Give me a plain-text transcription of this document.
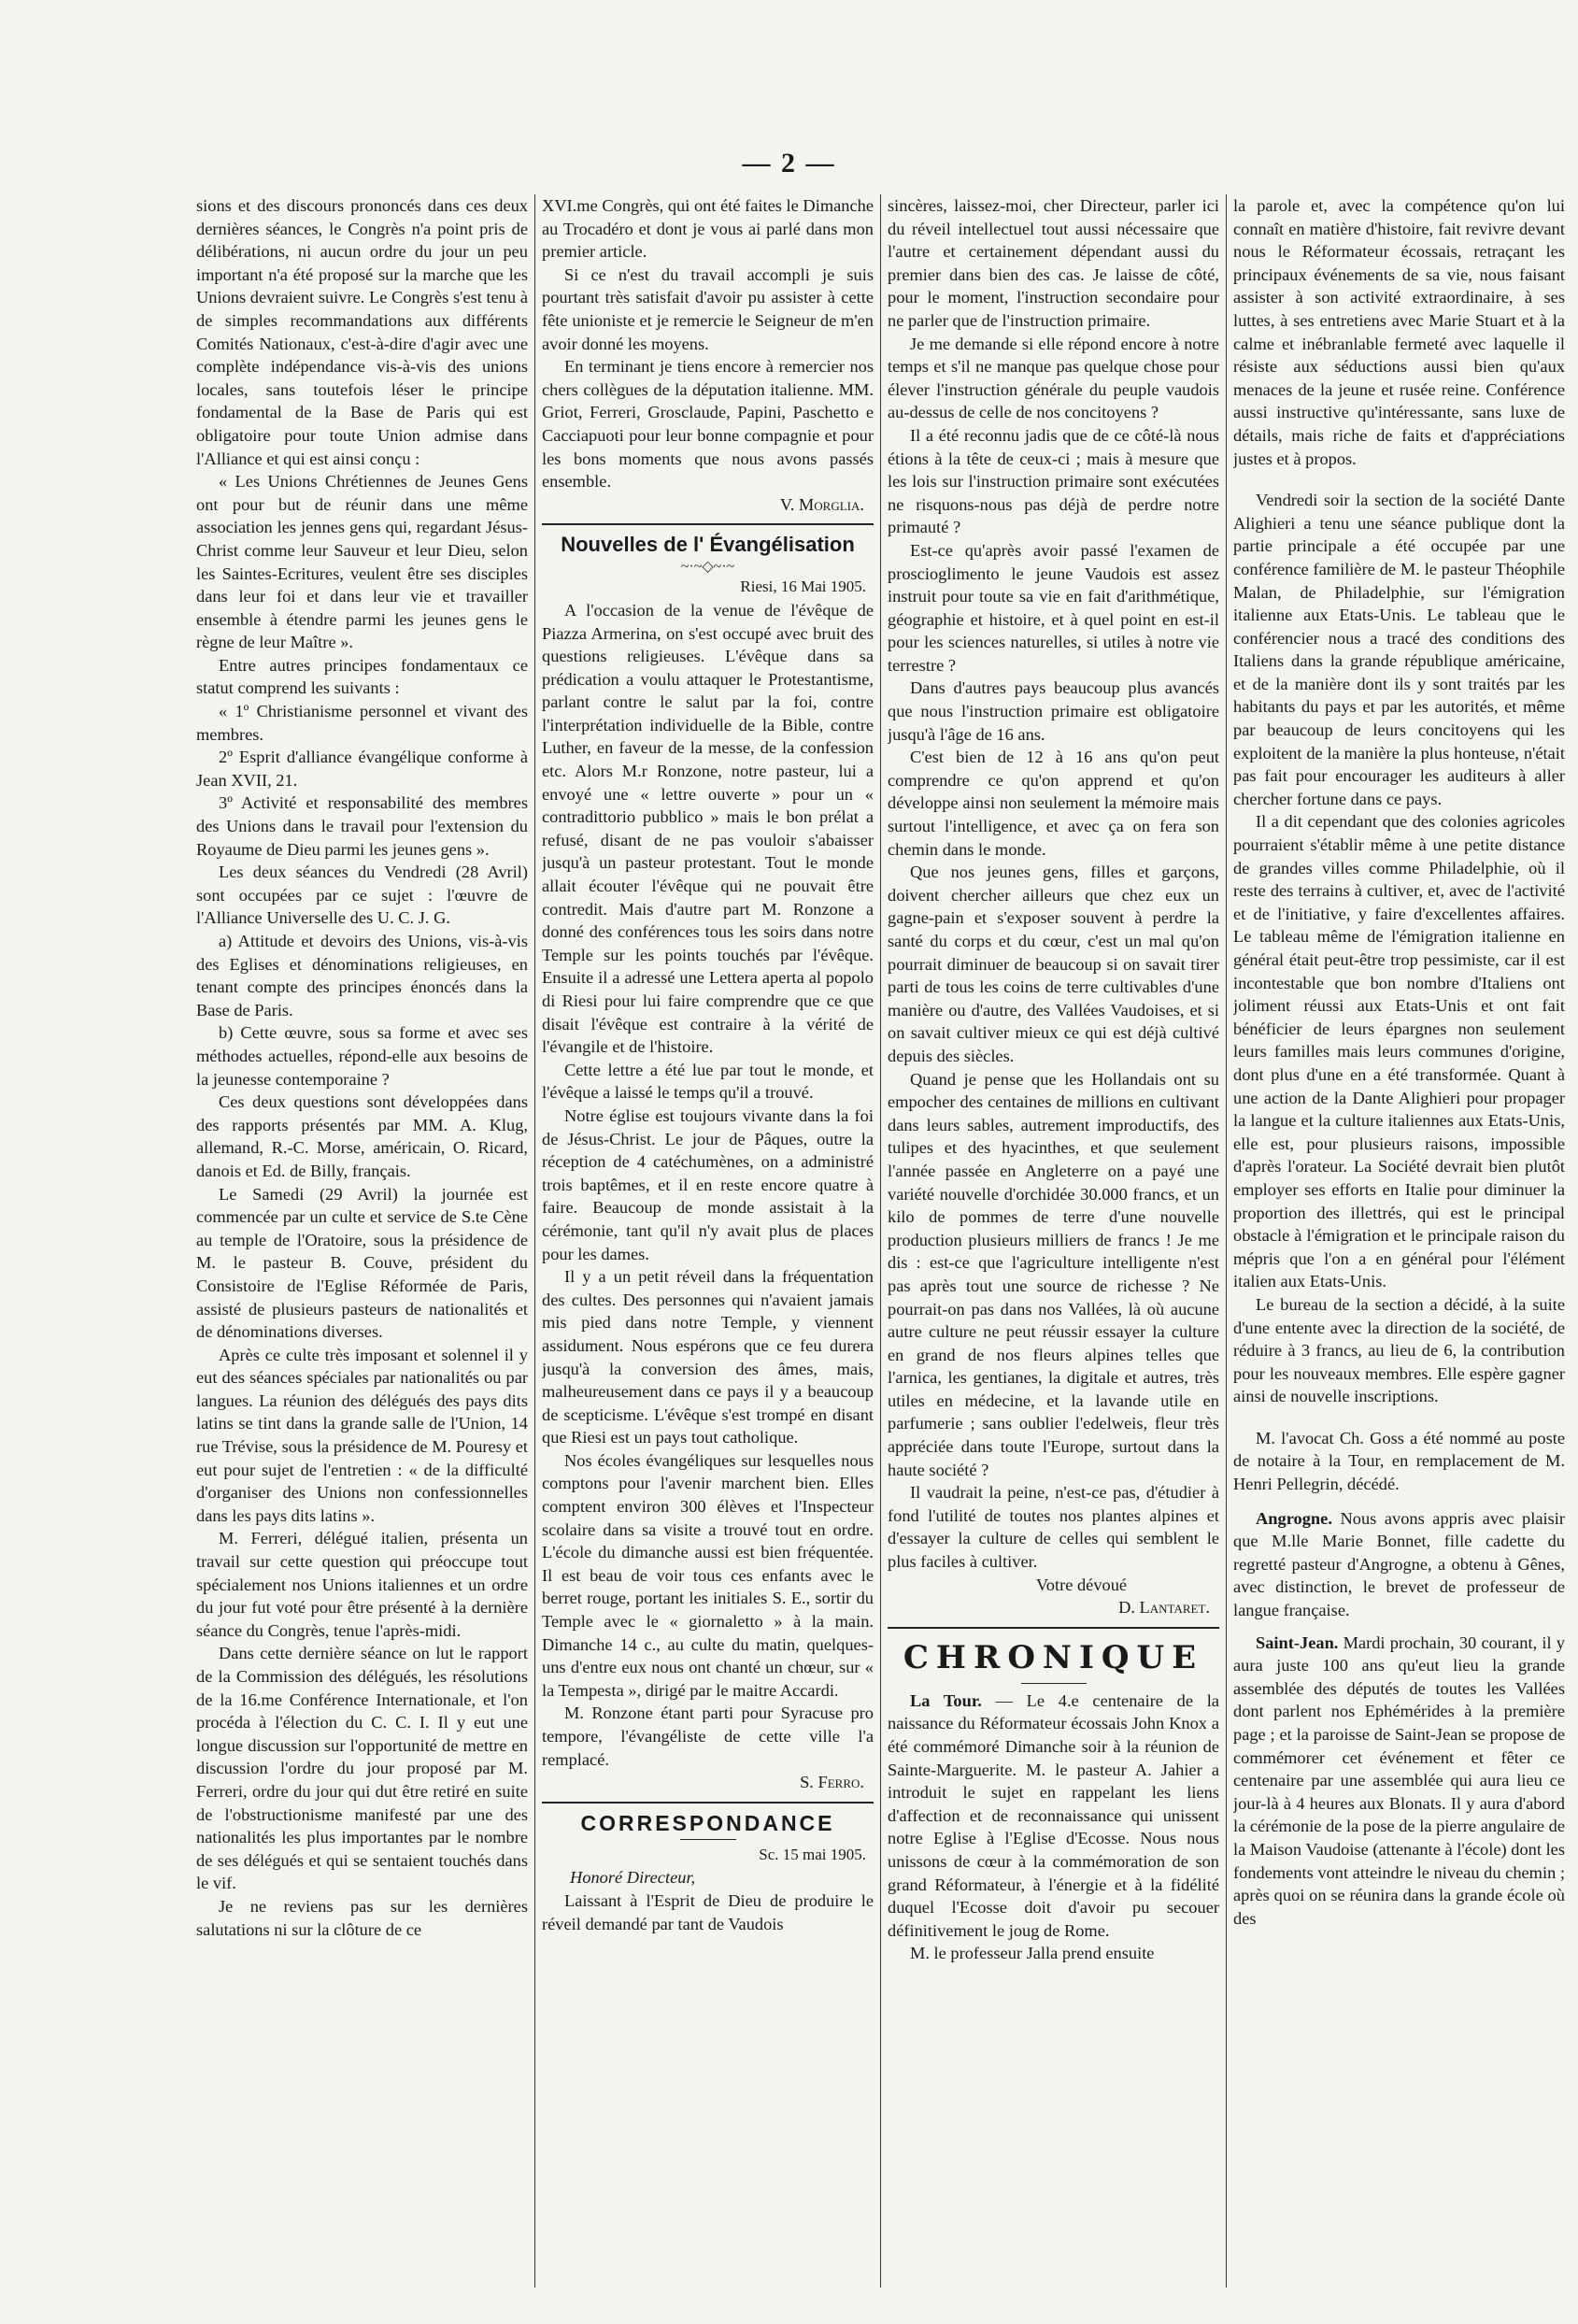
— 2 —

sions et des discours prononcés dans ces deux dernières séances, le Congrès n'a point pris de délibérations, ni aucun ordre du jour un peu important n'a été proposé sur la marche que les Unions devraient suivre. Le Congrès s'est tenu à de simples recommandations aux différents Comités Nationaux, c'est-à-dire d'agir avec une complète indépendance vis-à-vis des unions locales, sans toutefois léser le principe fondamental de la Base de Paris qui est obligatoire pour toute Union admise dans l'Alliance et qui est ainsi conçu :

« Les Unions Chrétiennes de Jeunes Gens ont pour but de réunir dans une même association les jennes gens qui, regardant Jésus-Christ comme leur Sauveur et leur Dieu, selon les Saintes-Ecritures, veulent être ses disciples dans leur foi et dans leur vie et travailler ensemble à étendre parmi les jeunes gens le règne de leur Maître ».

Entre autres principes fondamentaux ce statut comprend les suivants :

« 1º Christianisme personnel et vivant des membres.

2º Esprit d'alliance évangélique conforme à Jean XVII, 21.

3º Activité et responsabilité des membres des Unions dans le travail pour l'extension du Royaume de Dieu parmi les jeunes gens ».

Les deux séances du Vendredi (28 Avril) sont occupées par ce sujet : l'œuvre de l'Alliance Universelle des U. C. J. G.

a) Attitude et devoirs des Unions, vis-à-vis des Eglises et dénominations religieuses, en tenant compte des principes énoncés dans la Base de Paris.

b) Cette œuvre, sous sa forme et avec ses méthodes actuelles, répond-elle aux besoins de la jeunesse contemporaine ?

Ces deux questions sont développées dans des rapports présentés par MM. A. Klug, allemand, R.-C. Morse, américain, O. Ricard, danois et Ed. de Billy, français.

Le Samedi (29 Avril) la journée est commencée par un culte et service de S.te Cène au temple de l'Oratoire, sous la présidence de M. le pasteur B. Couve, président du Consistoire de l'Eglise Réformée de Paris, assisté de plusieurs pasteurs de nationalités et de dénominations diverses.

Après ce culte très imposant et solennel il y eut des séances spéciales par nationalités ou par langues. La réunion des délégués des pays dits latins se tint dans la grande salle de l'Union, 14 rue Trévise, sous la présidence de M. Pouresy et eut pour sujet de l'entretien : « de la difficulté d'organiser des Unions non confessionnelles dans les pays dits latins ».

M. Ferreri, délégué italien, présenta un travail sur cette question qui préoccupe tout spécialement nos Unions italiennes et un ordre du jour fut voté pour être présenté à la dernière séance du Congrès, tenue l'après-midi.

Dans cette dernière séance on lut le rapport de la Commission des délégués, les résolutions de la 16.me Conférence Internationale, et l'on procéda à l'élection du C. C. I. Il y eut une longue discussion sur l'opportunité de mettre en discussion l'ordre du jour proposé par M. Ferreri, ordre du jour qui dut être retiré en suite de l'obstructionisme manifesté par une des nationalités les plus importantes par le nombre de ses délégués et qui se sentaient touchés dans le vif.

Je ne reviens pas sur les dernières salutations ni sur la clôture de ce

XVI.me Congrès, qui ont été faites le Dimanche au Trocadéro et dont je vous ai parlé dans mon premier article.

Si ce n'est du travail accompli je suis pourtant très satisfait d'avoir pu assister à cette fête unioniste et je remercie le Seigneur de m'en avoir donné les moyens.

En terminant je tiens encore à remercier nos chers collègues de la députation italienne. MM. Griot, Ferreri, Grosclaude, Papini, Paschetto e Cacciapuoti pour leur bonne compagnie et pour les bons moments que nous avons passés ensemble.

V. Morglia.
Nouvelles de l' Évangélisation
~·~◇~·~
Riesi, 16 Mai 1905.

A l'occasion de la venue de l'évêque de Piazza Armerina, on s'est occupé avec bruit des questions religieuses. L'évêque dans sa prédication a voulu attaquer le Protestantisme, parlant contre le salut par la foi, contre l'interprétation individuelle de la Bible, contre Luther, en faveur de la messe, de la confession etc. Alors M.r Ronzone, notre pasteur, lui a envoyé une « lettre ouverte » pour un « contradittorio pubblico » mais le bon prélat a refusé, disant de ne pas vouloir s'abaisser jusqu'à un pasteur protestant. Tout le monde allait écouter l'évêque qui ne pouvait être contredit. Mais d'autre part M. Ronzone a donné des conférences tous les soirs dans notre Temple sur les points touchés par l'évêque. Ensuite il a adressé une Lettera aperta al popolo di Riesi pour lui faire comprendre que ce que disait l'évêque est contraire à la vérité de l'évangile et de l'histoire.

Cette lettre a été lue par tout le monde, et l'évêque a laissé le temps qu'il a trouvé.

Notre église est toujours vivante dans la foi de Jésus-Christ. Le jour de Pâques, outre la réception de 4 catéchumènes, on a administré trois baptêmes, et il en reste encore quatre à faire. Beaucoup de monde assistait à la cérémonie, tant qu'il n'y avait plus de places pour les dames.

Il y a un petit réveil dans la fréquentation des cultes. Des personnes qui n'avaient jamais mis pied dans notre Temple, y viennent assidument. Nous espérons que ce feu durera jusqu'à la conversion des âmes, mais, malheureusement dans ce pays il y a beaucoup de scepticisme. L'évêque s'est trompé en disant que Riesi est un pays tout catholique.

Nos écoles évangéliques sur lesquelles nous comptons pour l'avenir marchent bien. Elles comptent environ 300 élèves et l'Inspecteur scolaire dans sa visite a trouvé tout en ordre. L'école du dimanche aussi est bien fréquentée. Il est beau de voir tous ces enfants avec le berret rouge, portant les initiales S. E., sortir du Temple avec le « giornaletto » à la main. Dimanche 14 c., au culte du matin, quelques-uns d'entre eux nous ont chanté un chœur, sur « la Tempesta », dirigé par le maitre Accardi.

M. Ronzone étant parti pour Syracuse pro tempore, l'évangéliste de cette ville l'a remplacé.

S. Ferro.
CORRESPONDANCE
Sc. 15 mai 1905.
Honoré Directeur,

Laissant à l'Esprit de Dieu de produire le réveil demandé par tant de Vaudois

sincères, laissez-moi, cher Directeur, parler ici du réveil intellectuel tout aussi nécessaire que l'autre et certainement dépendant aussi du premier dans bien des cas. Je laisse de côté, pour le moment, l'instruction secondaire pour ne parler que de l'instruction primaire.

Je me demande si elle répond encore à notre temps et s'il ne manque pas quelque chose pour élever l'instruction générale du peuple vaudois au-dessus de celle de nos concitoyens ?

Il a été reconnu jadis que de ce côté-là nous étions à la tête de ceux-ci ; mais à mesure que les lois sur l'instruction primaire sont exécutées ne risquons-nous pas déjà de perdre notre primauté ?

Est-ce qu'après avoir passé l'examen de proscioglimento le jeune Vaudois est assez instruit pour toute sa vie en fait d'arithmétique, géographie et histoire, et à quel point en est-il pour les sciences naturelles, si utiles à notre vie terrestre ?

Dans d'autres pays beaucoup plus avancés que nous l'instruction primaire est obligatoire jusqu'à l'âge de 16 ans.

C'est bien de 12 à 16 ans qu'on peut comprendre ce qu'on apprend et qu'on développe ainsi non seulement la mémoire mais surtout l'intelligence, et avec ça on fera son chemin dans le monde.

Que nos jeunes gens, filles et garçons, doivent chercher ailleurs que chez eux un gagne-pain et s'exposer souvent à perdre la santé du corps et du cœur, c'est un mal qu'on pourrait diminuer de beaucoup si on savait tirer parti de tous les coins de terre cultivables d'une manière ou d'autre, des Vallées Vaudoises, et si on savait cultiver mieux ce qui est déjà cultivé depuis des siècles.

Quand je pense que les Hollandais ont su empocher des centaines de millions en cultivant dans leurs sables, autrement improductifs, des tulipes et des hyacinthes, et que seulement l'année passée en Angleterre on a payé une variété nouvelle d'orchidée 30.000 francs, et un kilo de pommes de terre d'une nouvelle production plusieurs milliers de francs ! Je me dis : est-ce que l'agriculture intelligente n'est pas après tout une source de richesse ? Ne pourrait-on pas dans nos Vallées, là où aucune autre culture ne peut réussir essayer la culture en grand de nos fleurs alpines telles que l'arnica, les gentianes, la digitale et autres, très utiles en médecine, et la lavande utile en parfumerie ; sans oublier l'edelweis, fleur très appréciée dans toute l'Europe, surtout dans la haute société ?

Il vaudrait la peine, n'est-ce pas, d'étudier à fond l'utilité de toutes nos plantes alpines et d'essayer la culture de celles qui semblent le plus faciles à cultiver.

Votre dévoué
D. Lantaret.
CHRONIQUE

La Tour. — Le 4.e centenaire de la naissance du Réformateur écossais John Knox a été commémoré Dimanche soir à la réunion de Sainte-Marguerite. M. le pasteur A. Jahier a introduit le sujet en rappelant les liens d'affection et de reconnaissance qui unissent notre Eglise à l'Eglise d'Ecosse. Nous nous unissons de cœur à la commémoration de son grand Réformateur, à l'énergie et à la fidélité duquel l'Ecosse doit d'avoir pu secouer définitivement le joug de Rome.

M. le professeur Jalla prend ensuite

la parole et, avec la compétence qu'on lui connaît en matière d'histoire, fait revivre devant nous le Réformateur écossais, retraçant les principaux événements de sa vie, nous faisant assister à son activité extraordinaire, à ses luttes, à ses entretiens avec Marie Stuart et à la calme et inébranlable fermeté avec laquelle il résiste aux séductions aussi bien qu'aux menaces de la jeune et rusée reine. Conférence aussi instructive qu'intéressante, sans luxe de détails, mais riche de faits et d'appréciations justes et à propos.

Vendredi soir la section de la société Dante Alighieri a tenu une séance publique dont la partie principale a été occupée par une conférence familière de M. le pasteur Théophile Malan, de Philadelphie, sur l'émigration italienne aux Etats-Unis. Le tableau que le conférencier nous a tracé des conditions des Italiens dans la grande république américaine, et de la manière dont ils y sont traités par les habitants du pays et par les autorités, et même par beaucoup de leurs concitoyens qui les exploitent de la manière la plus honteuse, n'était pas fait pour encourager les auditeurs à aller chercher fortune dans ce pays.

Il a dit cependant que des colonies agricoles pourraient s'établir même à une petite distance de grandes villes comme Philadelphie, où il reste des terrains à cultiver, et, avec de l'activité et de l'initiative, y faire d'excellentes affaires. Le tableau même de l'émigration italienne en général était peut-être trop pessimiste, car il est incontestable que bon nombre d'Italiens ont joliment réussi aux Etats-Unis et ont fait bénéficier de leurs épargnes non seulement leurs familles mais leurs communes d'origine, dont plus d'une en a été transformée. Quant à une action de la Dante Alighieri pour propager la langue et la culture italiennes aux Etats-Unis, elle est, pour plusieurs raisons, impossible d'après l'orateur. La Société devrait bien plutôt employer ses efforts en Italie pour diminuer la proportion des illettrés, qui est le principal obstacle à l'émigration et le principale raison du mépris que l'on a en général pour l'élément italien aux Etats-Unis.

Le bureau de la section a décidé, à la suite d'une entente avec la direction de la société, de réduire à 3 francs, au lieu de 6, la contribution pour les nouveaux membres. Elle espère gagner ainsi de nouvelle inscriptions.

M. l'avocat Ch. Goss a été nommé au poste de notaire à la Tour, en remplacement de M. Henri Pellegrin, décédé.

Angrogne. Nous avons appris avec plaisir que M.lle Marie Bonnet, fille cadette du regretté pasteur d'Angrogne, a obtenu à Gênes, avec distinction, le brevet de professeur de langue française.

Saint-Jean. Mardi prochain, 30 courant, il y aura juste 100 ans qu'eut lieu la grande assemblée des députés de toutes les Vallées dont parlent nos Ephémérides à la première page ; et la paroisse de Saint-Jean se propose de commémorer cet événement et fêter ce centenaire par une assemblée qui aura lieu ce jour-là à 4 heures aux Blonats. Il y aura d'abord la cérémonie de la pose de la pierre angulaire de la Maison Vaudoise (attenante à l'école) dont les fondements vont atteindre le niveau du chemin ; après quoi on se réunira dans la grande école où des
